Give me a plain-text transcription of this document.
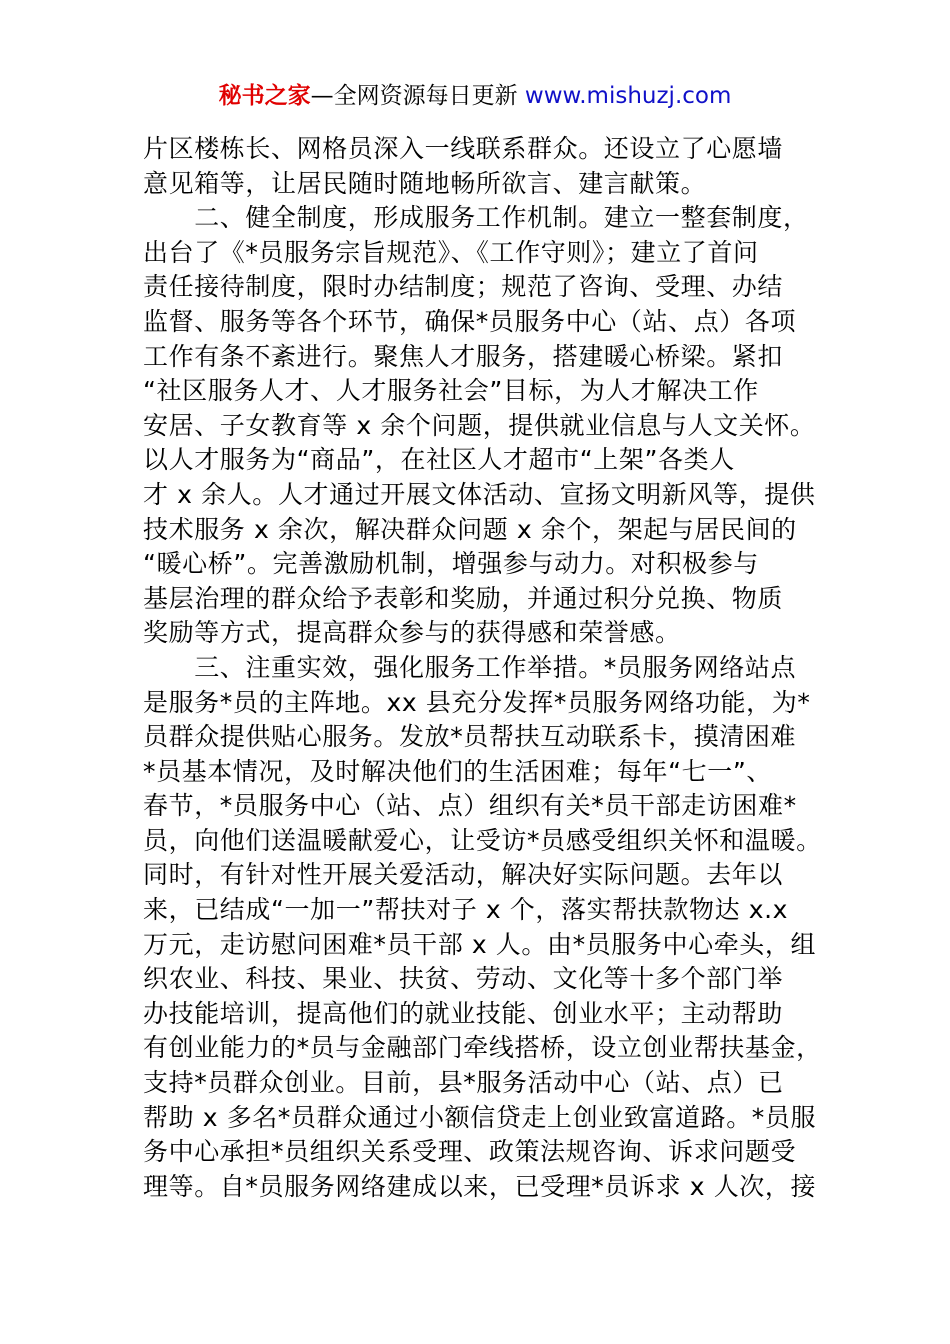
秘书之家—全网资源每日更新 www.mishuzj.com
片区楼栋长、网格员深入一线联系群众。还设立了心愿墙
意见箱等，让居民随时随地畅所欲言、建言献策。
　　二、健全制度，形成服务工作机制。建立一整套制度，
出台了《*员服务宗旨规范》、《工作守则》；建立了首问
责任接待制度，限时办结制度；规范了咨询、受理、办结
监督、服务等各个环节，确保*员服务中心（站、点）各项
工作有条不紊进行。聚焦人才服务，搭建暖心桥梁。紧扣
“社区服务人才、人才服务社会”目标，为人才解决工作
安居、子女教育等 x 余个问题，提供就业信息与人文关怀。
以人才服务为“商品”，在社区人才超市“上架”各类人
才 x 余人。人才通过开展文体活动、宣扬文明新风等，提供
技术服务 x 余次，解决群众问题 x 余个，架起与居民间的
“暖心桥”。完善激励机制，增强参与动力。对积极参与
基层治理的群众给予表彰和奖励，并通过积分兑换、物质
奖励等方式，提高群众参与的获得感和荣誉感。
　　三、注重实效，强化服务工作举措。*员服务网络站点
是服务*员的主阵地。xx 县充分发挥*员服务网络功能，为*
员群众提供贴心服务。发放*员帮扶互动联系卡，摸清困难
*员基本情况，及时解决他们的生活困难；每年“七一”、
春节，*员服务中心（站、点）组织有关*员干部走访困难*
员，向他们送温暖献爱心，让受访*员感受组织关怀和温暖。
同时，有针对性开展关爱活动，解决好实际问题。去年以
来，已结成“一加一”帮扶对子 x 个，落实帮扶款物达 x.x
万元，走访慰问困难*员干部 x 人。由*员服务中心牵头，组
织农业、科技、果业、扶贫、劳动、文化等十多个部门举
办技能培训，提高他们的就业技能、创业水平；主动帮助
有创业能力的*员与金融部门牵线搭桥，设立创业帮扶基金，
支持*员群众创业。目前，县*服务活动中心（站、点）已
帮助 x 多名*员群众通过小额信贷走上创业致富道路。*员服
务中心承担*员组织关系受理、政策法规咨询、诉求问题受
理等。自*员服务网络建成以来，已受理*员诉求 x 人次，接
